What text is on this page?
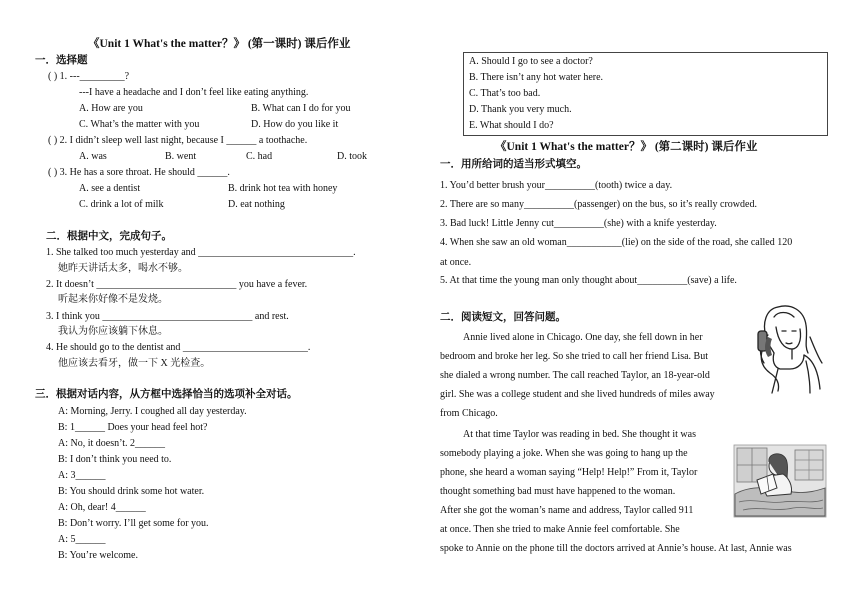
《Unit 1 What's the matter？》 (第一课时) 课后作业
一．选择题
( ) 1. ---_________?
---I have a headache and I don’t feel like eating anything.
A. How are you	B. What can I do for you
C. What’s the matter with you	D. How do you like it
( ) 2. I didn’t sleep well last night, because I ______ a toothache.
A. was	B. went	C. had	D. took
( ) 3. He has a sore throat. He should ______.
A. see a dentist	B. drink hot tea with honey
C. drink a lot of milk	D. eat nothing
二．根据中文，完成句子。
1. She talked too much yesterday and _______________________________.
她昨天讲话太多，喝水不够。
2. It doesn’t ____________________________ you have a fever.
听起来你好像不是发烧。
3. I think you ______________________________ and rest.
我认为你应该躺下休息。
4. He should go to the dentist and _________________________.
他应该去看牙，做一下 X 光检查。
三．根据对话内容，从方框中选择恰当的选项补全对话。
A: Morning, Jerry. I coughed all day yesterday.
B: 1______ Does your head feel hot?
A: No, it doesn’t. 2______
B: I don’t think you need to.
A: 3______
B: You should drink some hot water.
A: Oh, dear! 4______
B: Don’t worry. I’ll get some for you.
A: 5______
B: You’re welcome.
A. Should I go to see a doctor?
B. There isn’t any hot water here.
C. That’s too bad.
D. Thank you very much.
E. What should I do?
《Unit 1 What's the matter？》 (第二课时) 课后作业
一．用所给词的适当形式填空。
1. You’d better brush your__________(tooth) twice a day.
2. There are so many__________(passenger) on the bus, so it’s really crowded.
3. Bad luck! Little Jenny cut__________(she) with a knife yesterday.
4. When she saw an old woman___________(lie) on the side of the road, she called 120
at once.
5. At that time the young man only thought about__________(save) a life.
二．阅读短文，回答问题。
Annie lived alone in Chicago. One day, she fell down in her
bedroom and broke her leg. So she tried to call her friend Lisa. But
she dialed a wrong number. The call reached Taylor, an 18-year-old
girl. She was a college student and she lived hundreds of miles away
from Chicago.
At that time Taylor was reading in bed. She thought it was
somebody playing a joke. When she was going to hang up the
phone, she heard a woman saying “Help! Help!” From it, Taylor
thought something bad must have happened to the woman.
After she got the woman’s name and address, Taylor called 911
at once. Then she tried to make Annie feel comfortable. She
spoke to Annie on the phone till the doctors arrived at Annie’s house. At last, Annie was
